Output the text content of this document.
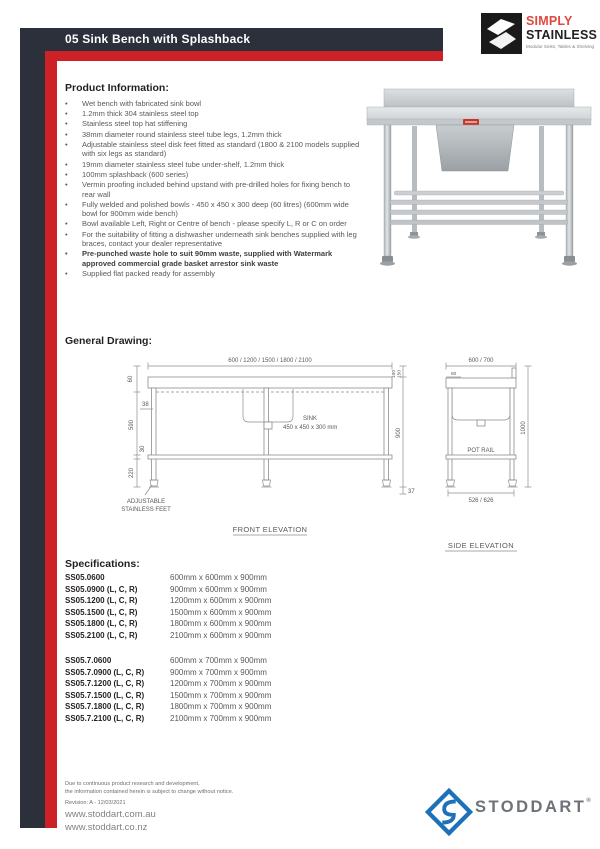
05 Sink Bench with Splashback
SIMPLY
STAINLESS
Modular Sinks, Tables & Shelving
Product Information:
•	Wet bench with fabricated sink bowl
•	1.2mm thick 304 stainless steel top
•	Stainless steel top hat stiffening
•	38mm diameter round stainless steel tube legs, 1.2mm thick
•	Adjustable stainless steel disk feet fitted as standard (1800 & 2100 models supplied with six legs as standard)
•	19mm diameter stainless steel tube under-shelf, 1.2mm thick
•	100mm splashback (600 series)
•	Vermin proofing included behind upstand with pre-drilled holes for fixing bench to rear wall
•	Fully welded and polished bowls - 450 x 450 x 300 deep (60 litres) (600mm wide bowl for 900mm wide bench)
•	Bowl available Left, Right or Centre of bench - please specify L, R or C on order
•	For the suitability of fitting a dishwasher underneath sink benches supplied with leg braces, contact your dealer representative
•	Pre-punched waste hole to suit 90mm waste, supplied with Watermark approved commercial grade basket arrestor sink waste
•	Supplied flat packed ready for assembly
General Drawing:
600 / 1200 / 1500 / 1800 / 2100
60
38
590
30
220
100 150
900
37
SINK
450 x 450 x 300 mm
ADJUSTABLE
STAINLESS FEET
FRONT ELEVATION
600 / 700
80
POT RAIL
1000
526 / 626
SIDE ELEVATION
Specifications:
SS05.0600	600mm x 600mm x 900mm
SS05.0900 (L, C, R)	900mm x 600mm x 900mm
SS05.1200 (L, C, R)	1200mm x 600mm x 900mm
SS05.1500 (L, C, R)	1500mm x 600mm x 900mm
SS05.1800 (L, C, R)	1800mm x 600mm x 900mm
SS05.2100 (L, C, R)	2100mm x 600mm x 900mm
SS05.7.0600	600mm x 700mm x 900mm
SS05.7.0900 (L, C, R)	900mm x 700mm x 900mm
SS05.7.1200 (L, C, R)	1200mm x 700mm x 900mm
SS05.7.1500 (L, C, R)	1500mm x 700mm x 900mm
SS05.7.1800 (L, C, R)	1800mm x 700mm x 900mm
SS05.7.2100 (L, C, R)	2100mm x 700mm x 900mm
Due to continuous product research and development,
the information contained herein is subject to change without notice.
Revision: A - 12/03/2021
www.stoddart.com.au
www.stoddart.co.nz
STODDART®
